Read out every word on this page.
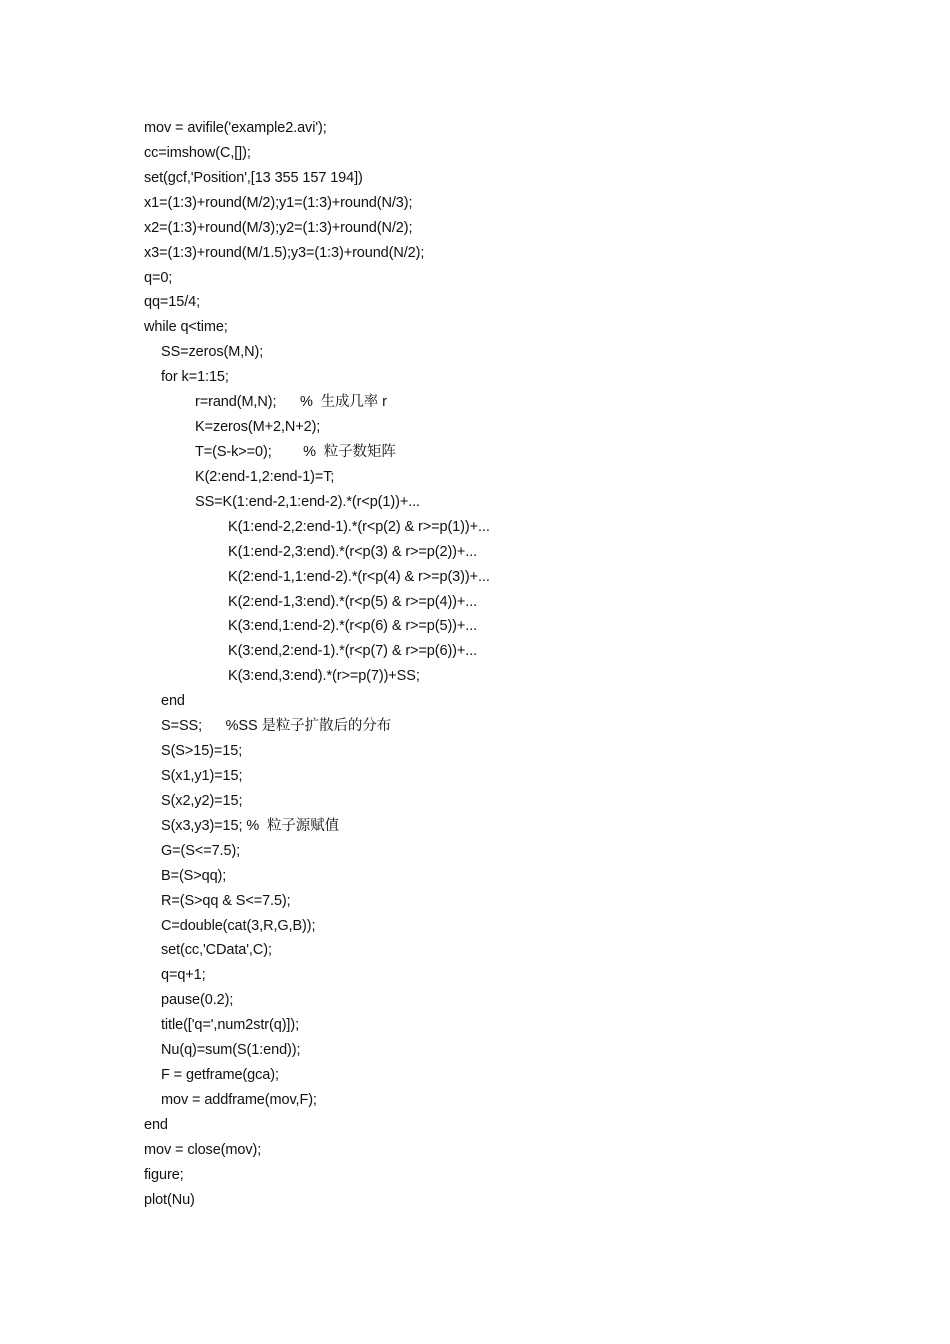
mov = avifile('example2.avi');
cc=imshow(C,[]);
set(gcf,'Position',[13 355 157 194])
x1=(1:3)+round(M/2);y1=(1:3)+round(N/3);
x2=(1:3)+round(M/3);y2=(1:3)+round(N/2);
x3=(1:3)+round(M/1.5);y3=(1:3)+round(N/2);
q=0;
qq=15/4;
while q<time;
SS=zeros(M,N);
for k=1:15;
r=rand(M,N);      %  生成几率 r
K=zeros(M+2,N+2);
T=(S-k>=0);        %  粒子数矩阵
K(2:end-1,2:end-1)=T;
SS=K(1:end-2,1:end-2).*(r<p(1))+...
K(1:end-2,2:end-1).*(r<p(2) & r>=p(1))+...
K(1:end-2,3:end).*(r<p(3) & r>=p(2))+...
K(2:end-1,1:end-2).*(r<p(4) & r>=p(3))+...
K(2:end-1,3:end).*(r<p(5) & r>=p(4))+...
K(3:end,1:end-2).*(r<p(6) & r>=p(5))+...
K(3:end,2:end-1).*(r<p(7) & r>=p(6))+...
K(3:end,3:end).*(r>=p(7))+SS;
end
S=SS;      %SS 是粒子扩散后的分布
S(S>15)=15;
S(x1,y1)=15;
S(x2,y2)=15;
S(x3,y3)=15; %  粒子源赋值
G=(S<=7.5);
B=(S>qq);
R=(S>qq & S<=7.5);
C=double(cat(3,R,G,B));
set(cc,'CData',C);
q=q+1;
pause(0.2);
title(['q=',num2str(q)]);
Nu(q)=sum(S(1:end));
F = getframe(gca);
mov = addframe(mov,F);
end
mov = close(mov);
figure;
plot(Nu)
